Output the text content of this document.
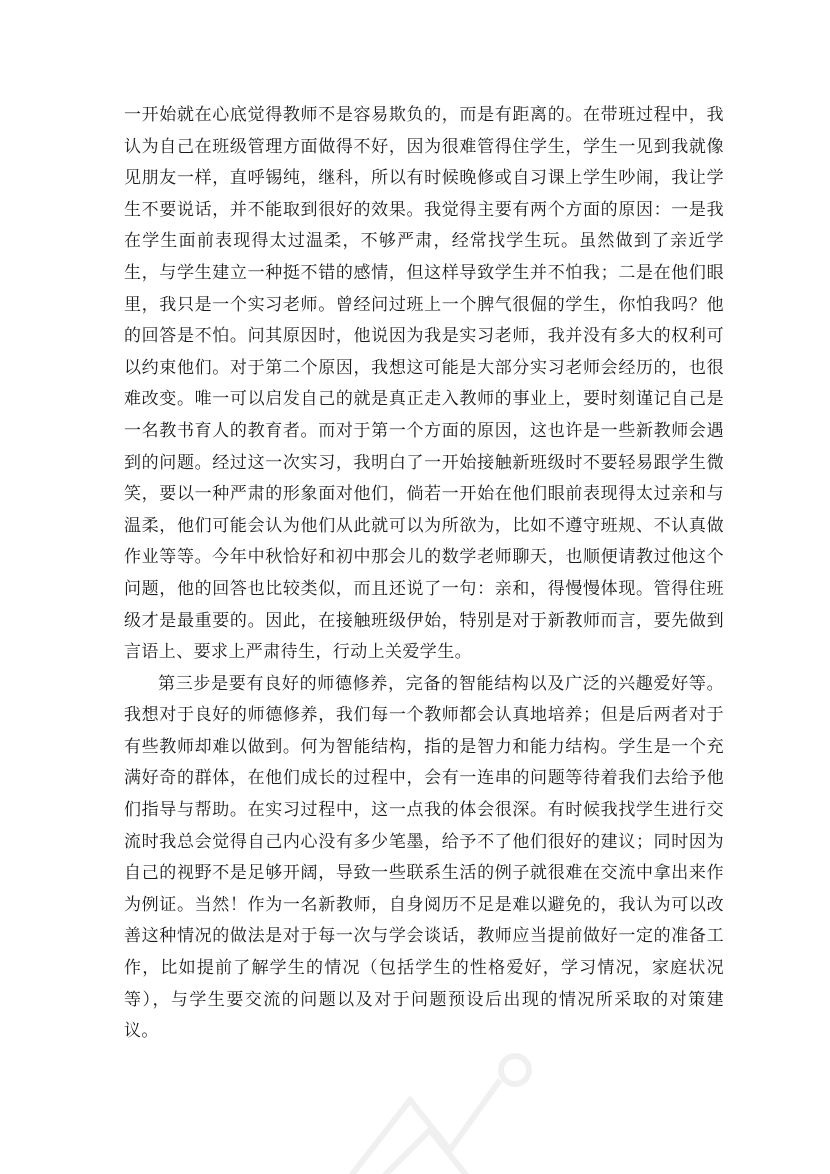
一开始就在心底觉得教师不是容易欺负的，而是有距离的。在带班过程中，我认为自己在班级管理方面做得不好，因为很难管得住学生，学生一见到我就像见朋友一样，直呼锡纯，继科，所以有时候晚修或自习课上学生吵闹，我让学生不要说话，并不能取到很好的效果。我觉得主要有两个方面的原因：一是我在学生面前表现得太过温柔，不够严肃，经常找学生玩。虽然做到了亲近学生，与学生建立一种挺不错的感情，但这样导致学生并不怕我；二是在他们眼里，我只是一个实习老师。曾经问过班上一个脾气很倔的学生，你怕我吗？他的回答是不怕。问其原因时，他说因为我是实习老师，我并没有多大的权利可以约束他们。对于第二个原因，我想这可能是大部分实习老师会经历的，也很难改变。唯一可以启发自己的就是真正走入教师的事业上，要时刻谨记自己是一名教书育人的教育者。而对于第一个方面的原因，这也许是一些新教师会遇到的问题。经过这一次实习，我明白了一开始接触新班级时不要轻易跟学生微笑，要以一种严肃的形象面对他们，倘若一开始在他们眼前表现得太过亲和与温柔，他们可能会认为他们从此就可以为所欲为，比如不遵守班规、不认真做作业等等。今年中秋恰好和初中那会儿的数学老师聊天，也顺便请教过他这个问题，他的回答也比较类似，而且还说了一句：亲和，得慢慢体现。管得住班级才是最重要的。因此，在接触班级伊始，特别是对于新教师而言，要先做到言语上、要求上严肃待生，行动上关爱学生。

第三步是要有良好的师德修养，完备的智能结构以及广泛的兴趣爱好等。我想对于良好的师德修养，我们每一个教师都会认真地培养；但是后两者对于有些教师却难以做到。何为智能结构，指的是智力和能力结构。学生是一个充满好奇的群体，在他们成长的过程中，会有一连串的问题等待着我们去给予他们指导与帮助。在实习过程中，这一点我的体会很深。有时候我找学生进行交流时我总会觉得自己内心没有多少笔墨，给予不了他们很好的建议；同时因为自己的视野不是足够开阔，导致一些联系生活的例子就很难在交流中拿出来作为例证。当然！作为一名新教师，自身阅历不足是难以避免的，我认为可以改善这种情况的做法是对于每一次与学会谈话，教师应当提前做好一定的准备工作，比如提前了解学生的情况（包括学生的性格爱好，学习情况，家庭状况等），与学生要交流的问题以及对于问题预设后出现的情况所采取的对策建议。
